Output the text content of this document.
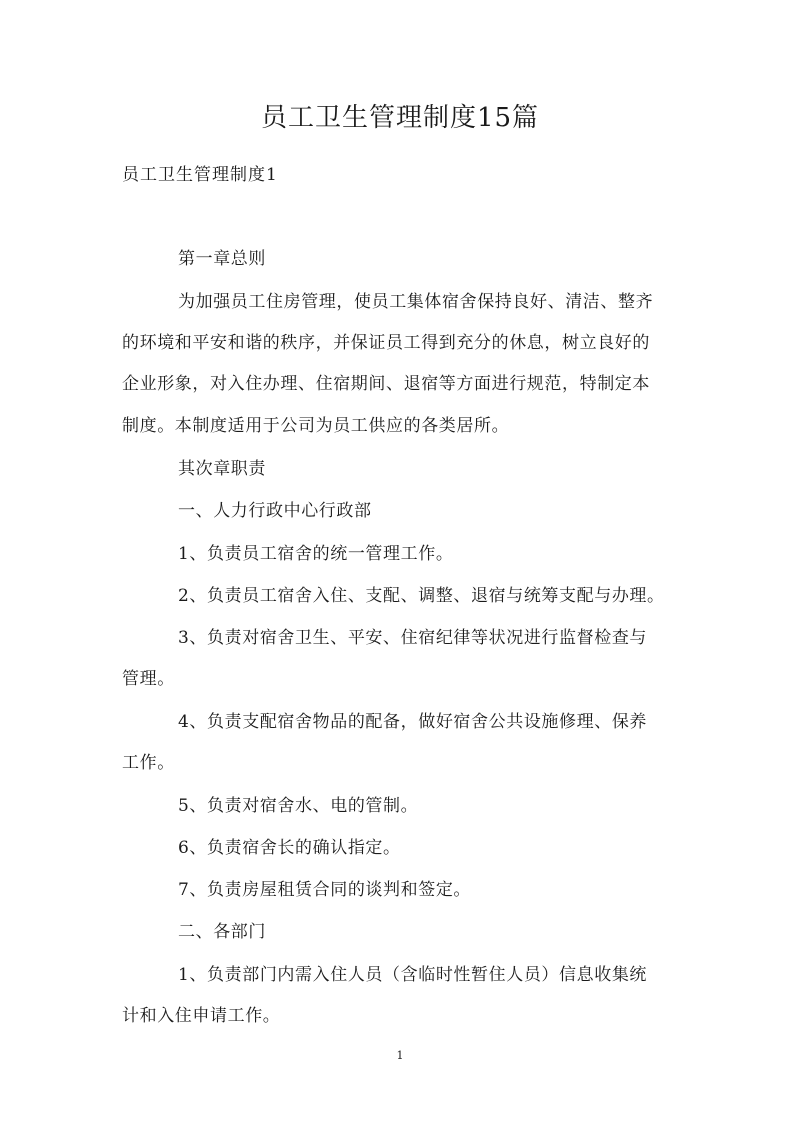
员工卫生管理制度15篇
员工卫生管理制度1
第一章总则
为加强员工住房管理，使员工集体宿舍保持良好、清洁、整齐
的环境和平安和谐的秩序，并保证员工得到充分的休息，树立良好的
企业形象，对入住办理、住宿期间、退宿等方面进行规范，特制定本
制度。本制度适用于公司为员工供应的各类居所。
其次章职责
一、人力行政中心行政部
1、负责员工宿舍的统一管理工作。
2、负责员工宿舍入住、支配、调整、退宿与统筹支配与办理。
3、负责对宿舍卫生、平安、住宿纪律等状况进行监督检查与
管理。
4、负责支配宿舍物品的配备，做好宿舍公共设施修理、保养
工作。
5、负责对宿舍水、电的管制。
6、负责宿舍长的确认指定。
7、负责房屋租赁合同的谈判和签定。
二、各部门
1、负责部门内需入住人员（含临时性暂住人员）信息收集统
计和入住申请工作。
1
